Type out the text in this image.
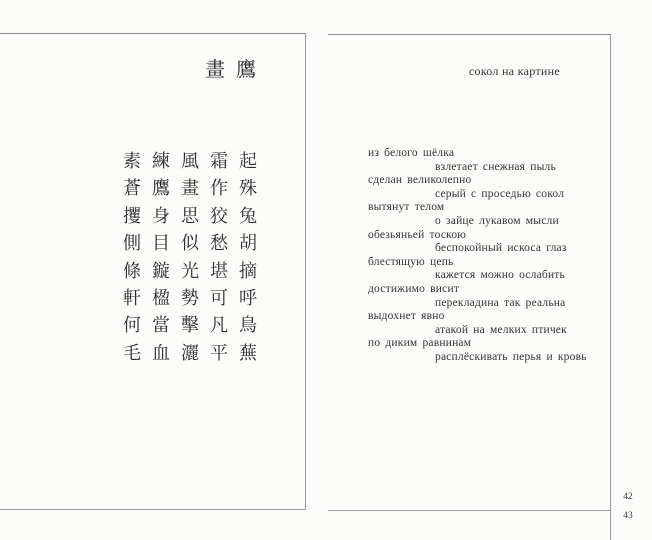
畫鷹
素練風霜起
蒼鷹畫作殊
攫身思狡兔
側目似愁胡
條鏇光堪摘
軒楹勢可呼
何當擊凡鳥
毛血灑平蕪
сокол на картине
из белого шёлка
взлетает снежная пыль
сделан великолепно
серый с проседью сокол
вытянут телом
о зайце лукавом мысли
обезьяньей тоскою
беспокойный искоса глаз
блестящую цепь
кажется можно ослабить
достижимо висит
перекладина так реальна
выдохнет явно
атакой на мелких птичек
по диким равнинам
расплёскивать перья и кровь
42
43
